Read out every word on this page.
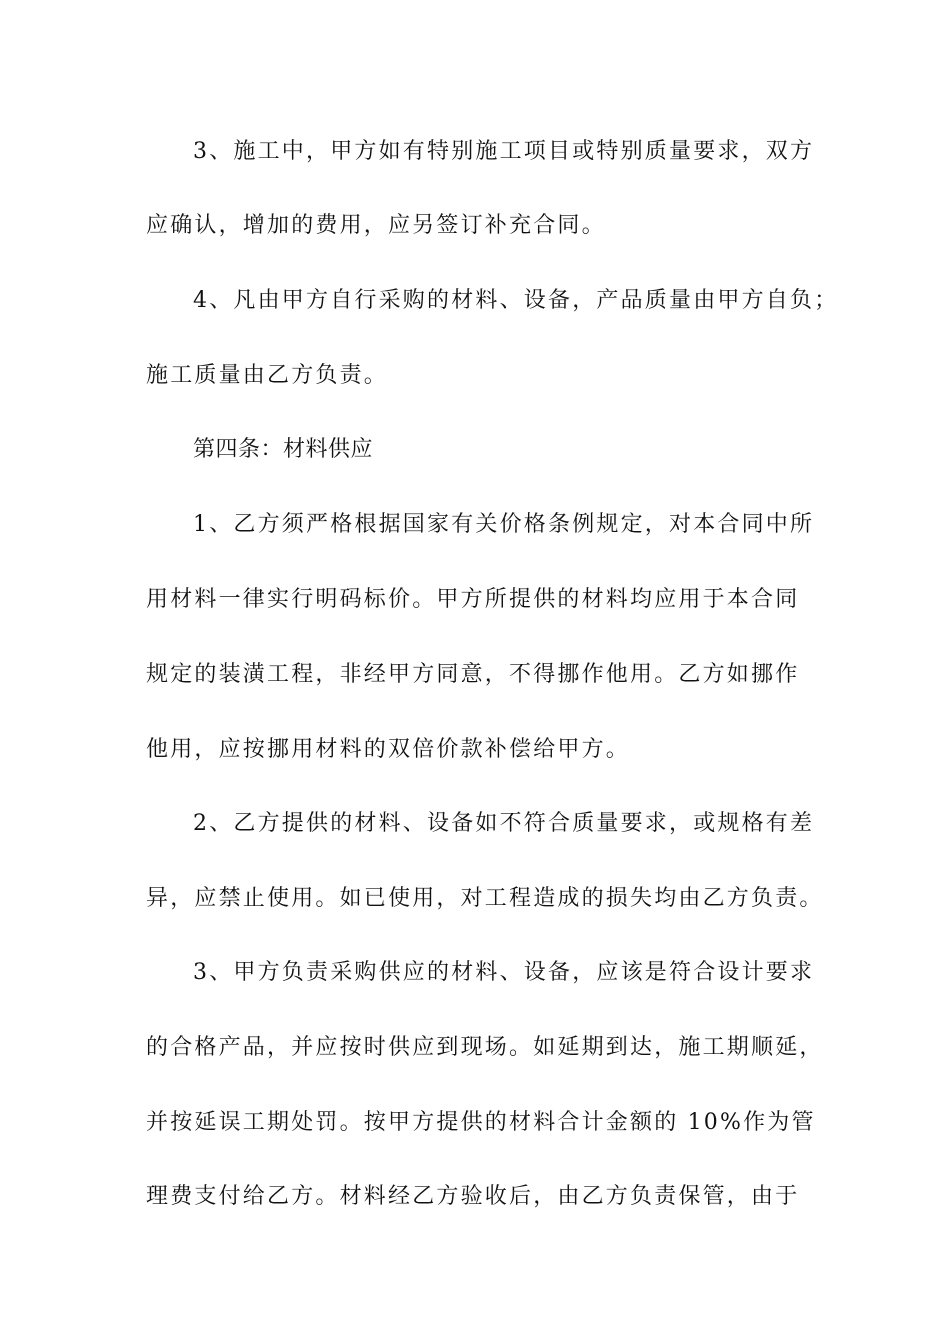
3、施工中，甲方如有特别施工项目或特别质量要求，双方
应确认，增加的费用，应另签订补充合同。
4、凡由甲方自行采购的材料、设备，产品质量由甲方自负；
施工质量由乙方负责。
第四条：材料供应
1、乙方须严格根据国家有关价格条例规定，对本合同中所
用材料一律实行明码标价。甲方所提供的材料均应用于本合同
规定的装潢工程，非经甲方同意，不得挪作他用。乙方如挪作
他用，应按挪用材料的双倍价款补偿给甲方。
2、乙方提供的材料、设备如不符合质量要求，或规格有差
异，应禁止使用。如已使用，对工程造成的损失均由乙方负责。
3、甲方负责采购供应的材料、设备，应该是符合设计要求
的合格产品，并应按时供应到现场。如延期到达，施工期顺延，
并按延误工期处罚。按甲方提供的材料合计金额的 10%作为管
理费支付给乙方。材料经乙方验收后，由乙方负责保管，由于
